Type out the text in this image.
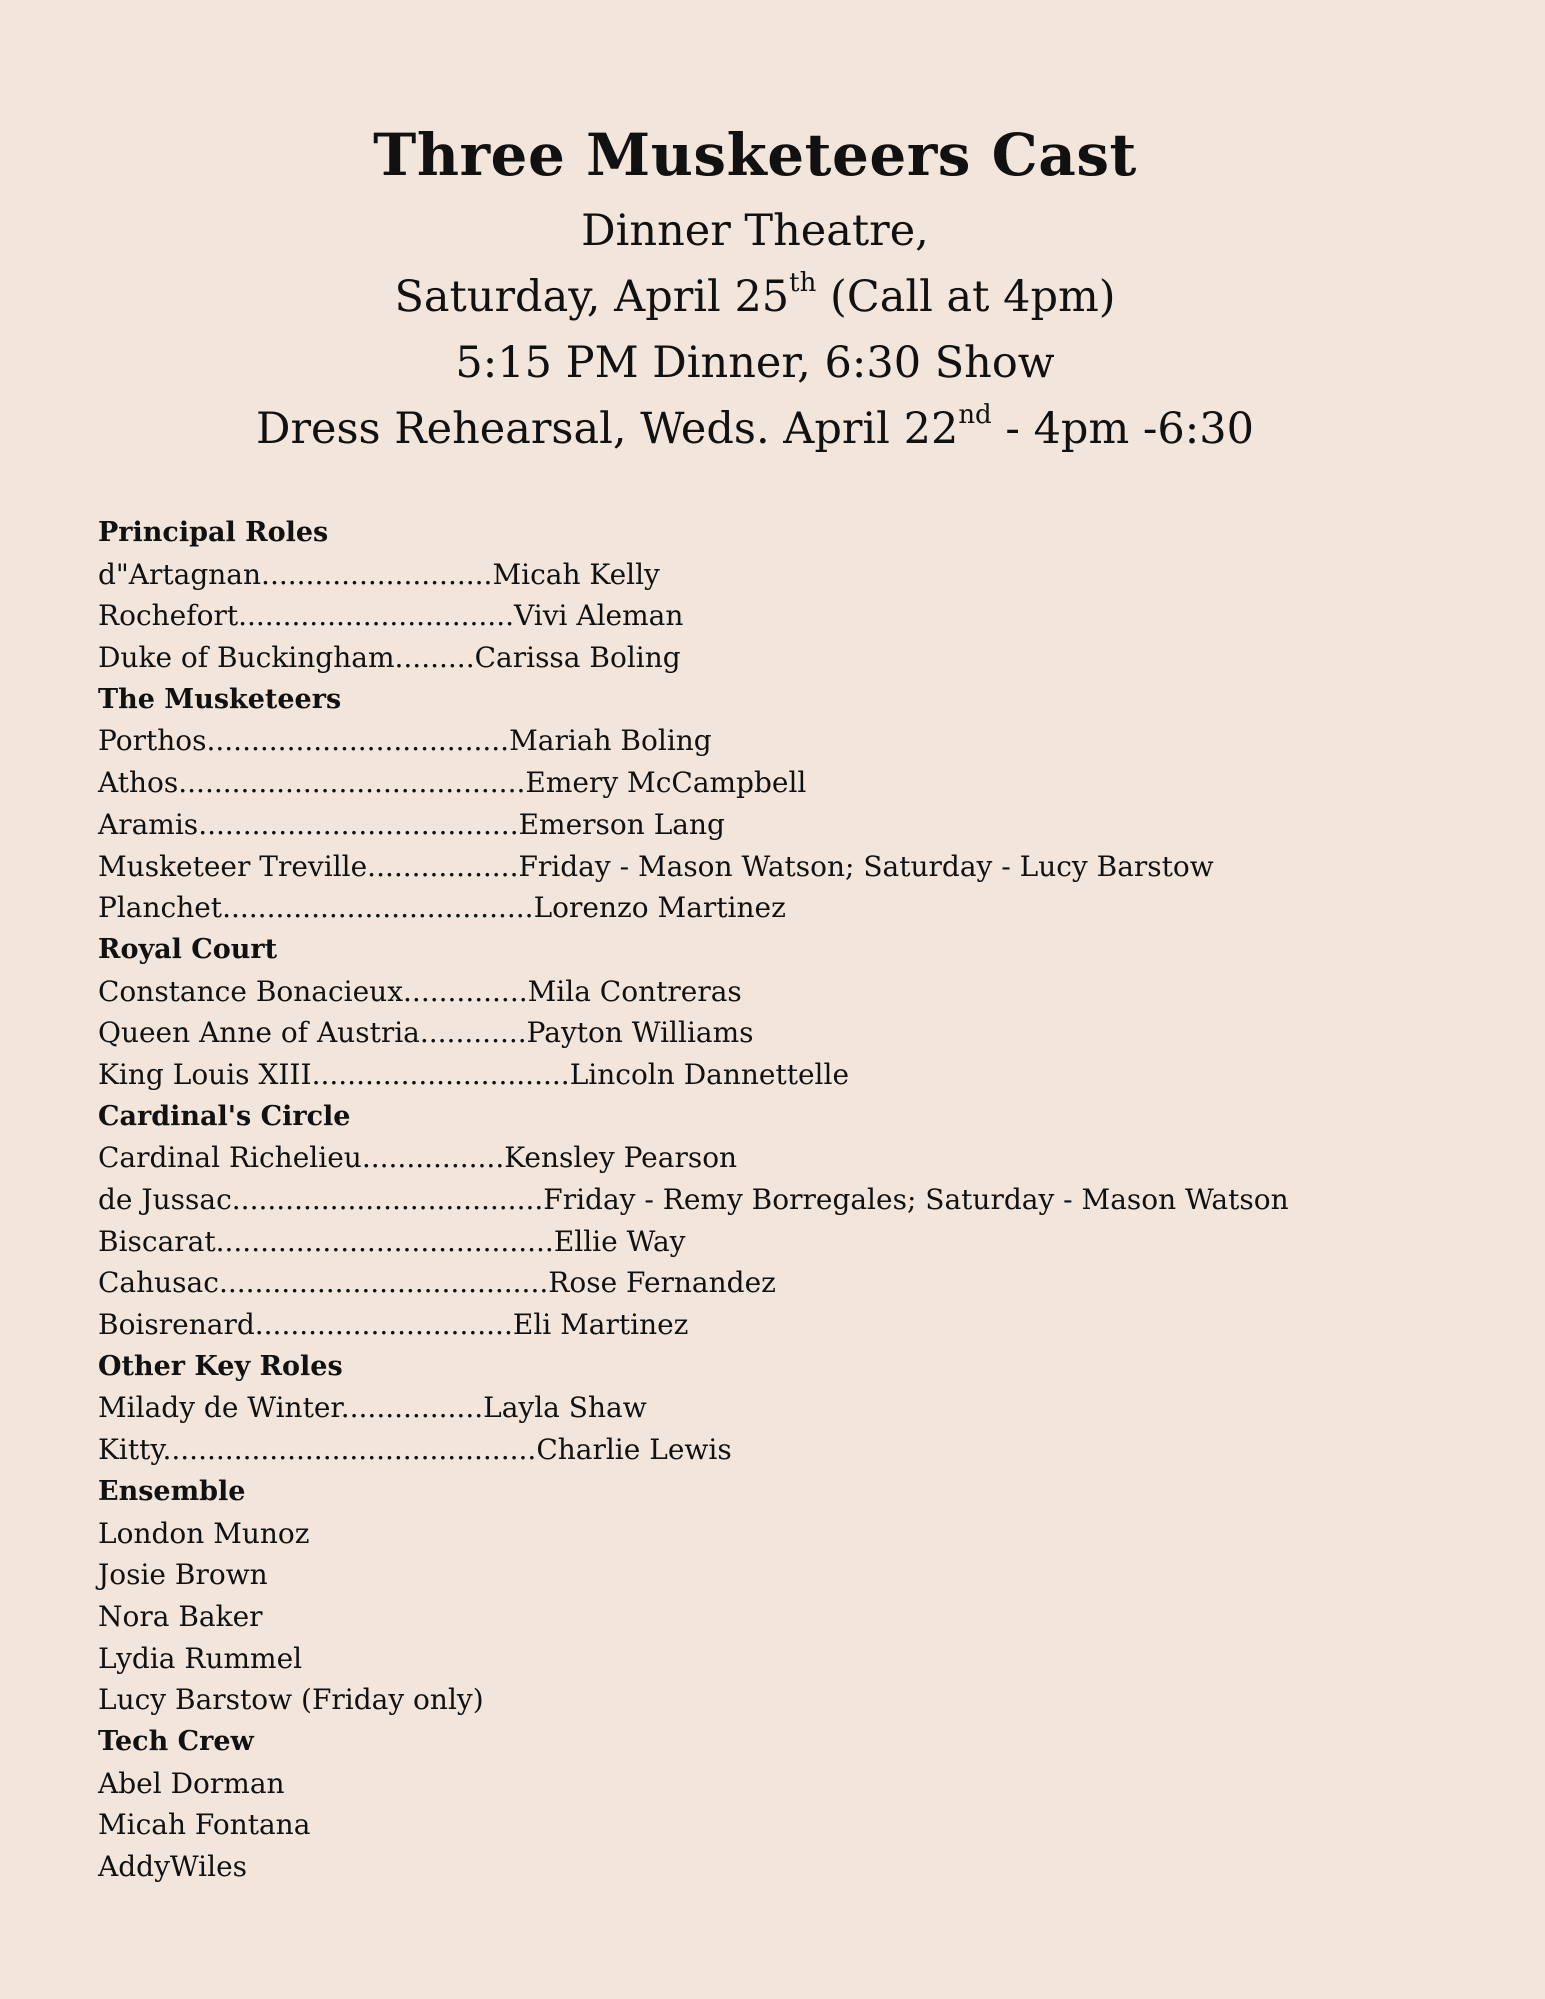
Three Musketeers Cast
Dinner Theatre,
Saturday, April 25th (Call at 4pm)
5:15 PM Dinner, 6:30 Show
Dress Rehearsal, Weds. April 22nd - 4pm -6:30
Principal Roles
d"Artagnan..........................Micah Kelly
Rochefort...............................Vivi Aleman
Duke of Buckingham.........Carissa Boling
The Musketeers
Porthos..................................Mariah Boling
Athos.......................................Emery McCampbell
Aramis....................................Emerson Lang
Musketeer Treville.................Friday - Mason Watson; Saturday - Lucy Barstow
Planchet...................................Lorenzo Martinez
Royal Court
Constance Bonacieux..............Mila Contreras
Queen Anne of Austria............Payton Williams
King Louis XIII.............................Lincoln Dannettelle
Cardinal's Circle
Cardinal Richelieu................Kensley Pearson
de Jussac...................................Friday - Remy Borregales; Saturday - Mason Watson
Biscarat......................................Ellie Way
Cahusac.....................................Rose Fernandez
Boisrenard.............................Eli Martinez
Other Key Roles
Milady de Winter................Layla Shaw
Kitty..........................................Charlie Lewis
Ensemble
London Munoz
Josie Brown
Nora Baker
Lydia Rummel
Lucy Barstow (Friday only)
Tech Crew
Abel Dorman
Micah Fontana
AddyWiles
